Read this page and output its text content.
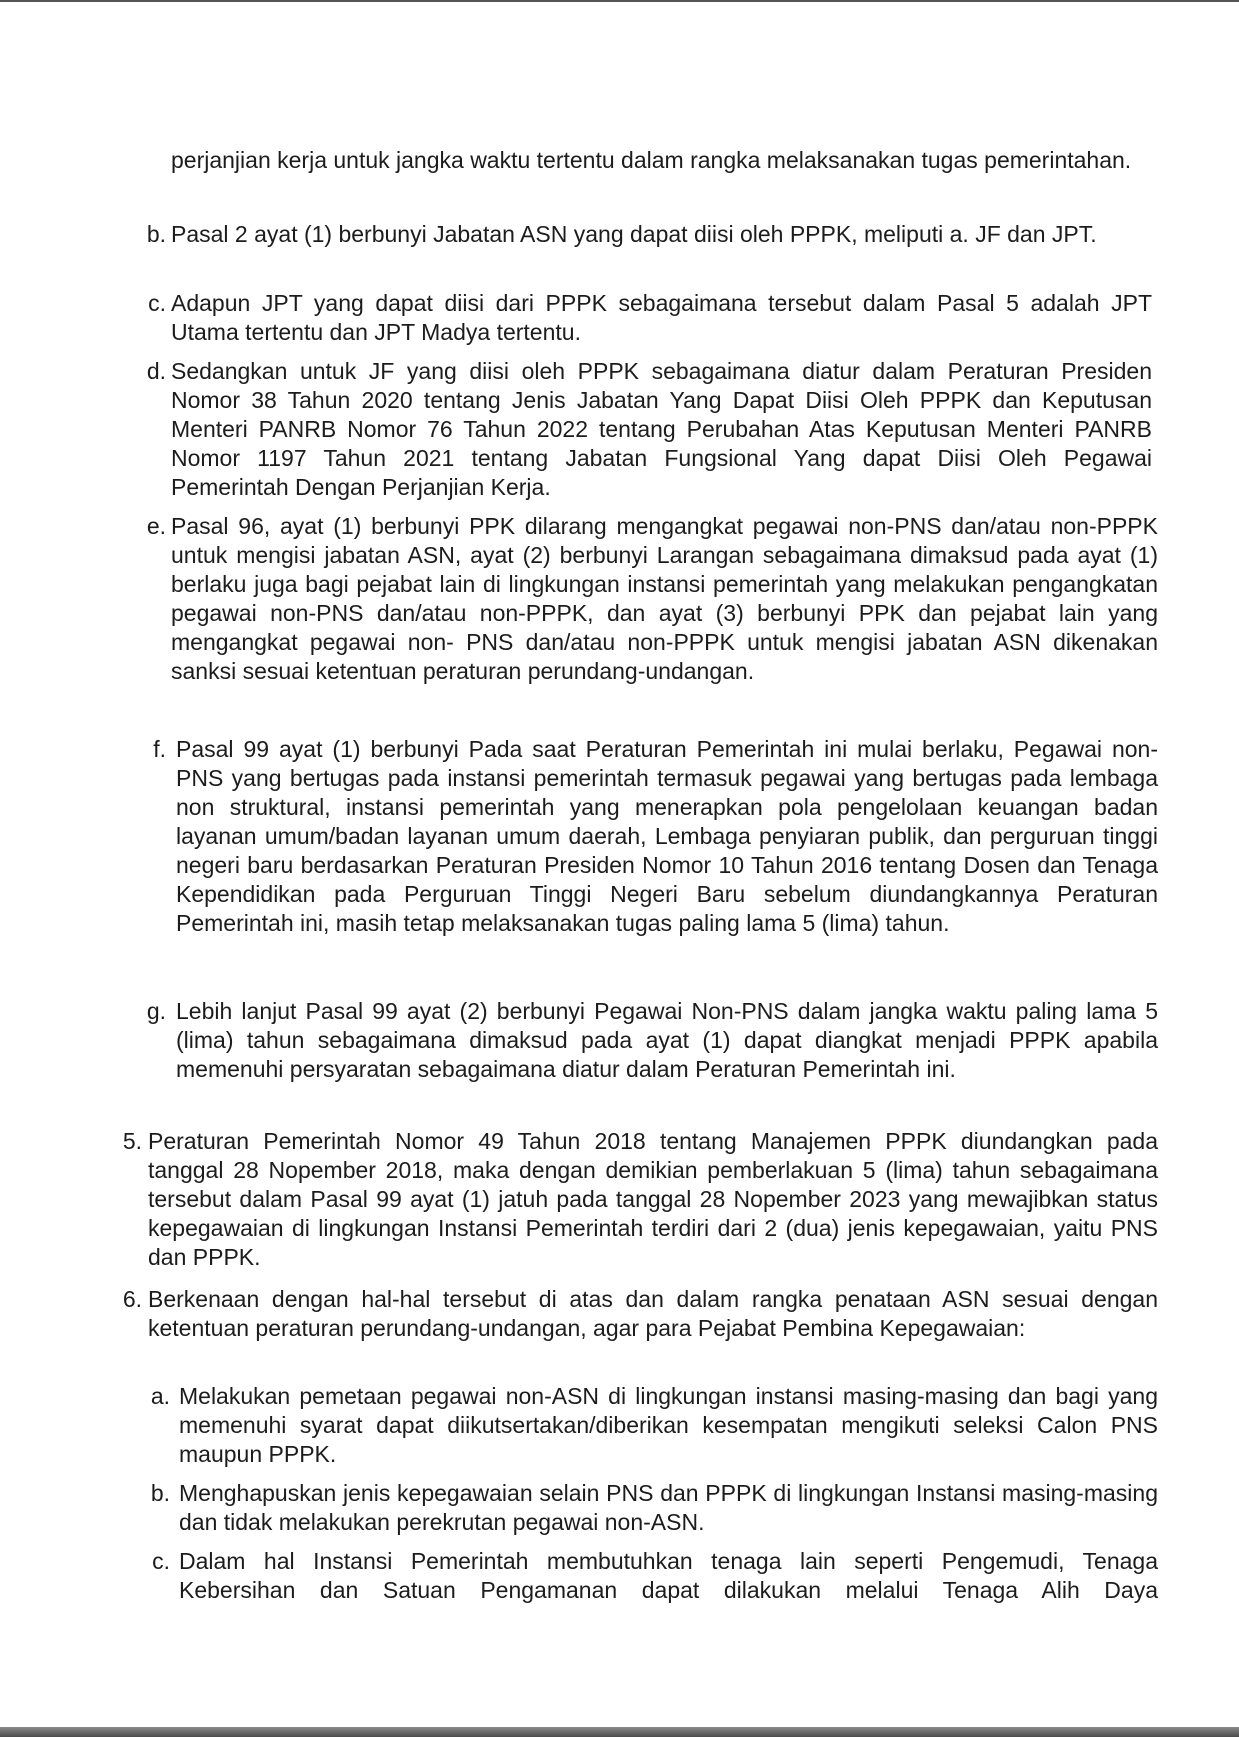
perjanjian kerja untuk jangka waktu tertentu dalam rangka melaksanakan tugas pemerintahan.
b. Pasal 2 ayat (1) berbunyi Jabatan ASN yang dapat diisi oleh PPPK, meliputi a. JF dan JPT.
c. Adapun JPT yang dapat diisi dari PPPK sebagaimana tersebut dalam Pasal 5 adalah JPT Utama tertentu dan JPT Madya tertentu.
d. Sedangkan untuk JF yang diisi oleh PPPK sebagaimana diatur dalam Peraturan Presiden Nomor 38 Tahun 2020 tentang Jenis Jabatan Yang Dapat Diisi Oleh PPPK dan Keputusan Menteri PANRB Nomor 76 Tahun 2022 tentang Perubahan Atas Keputusan Menteri PANRB Nomor 1197 Tahun 2021 tentang Jabatan Fungsional Yang dapat Diisi Oleh Pegawai Pemerintah Dengan Perjanjian Kerja.
e. Pasal 96, ayat (1) berbunyi PPK dilarang mengangkat pegawai non-PNS dan/atau non-PPPK untuk mengisi jabatan ASN, ayat (2) berbunyi Larangan sebagaimana dimaksud pada ayat (1) berlaku juga bagi pejabat lain di lingkungan instansi pemerintah yang melakukan pengangkatan pegawai non-PNS dan/atau non-PPPK, dan ayat (3) berbunyi PPK dan pejabat lain yang mengangkat pegawai non- PNS dan/atau non-PPPK untuk mengisi jabatan ASN dikenakan sanksi sesuai ketentuan peraturan perundang-undangan.
f. Pasal 99 ayat (1) berbunyi Pada saat Peraturan Pemerintah ini mulai berlaku, Pegawai non-PNS yang bertugas pada instansi pemerintah termasuk pegawai yang bertugas pada lembaga non struktural, instansi pemerintah yang menerapkan pola pengelolaan keuangan badan layanan umum/badan layanan umum daerah, Lembaga penyiaran publik, dan perguruan tinggi negeri baru berdasarkan Peraturan Presiden Nomor 10 Tahun 2016 tentang Dosen dan Tenaga Kependidikan pada Perguruan Tinggi Negeri Baru sebelum diundangkannya Peraturan Pemerintah ini, masih tetap melaksanakan tugas paling lama 5 (lima) tahun.
g. Lebih lanjut Pasal 99 ayat (2) berbunyi Pegawai Non-PNS dalam jangka waktu paling lama 5 (lima) tahun sebagaimana dimaksud pada ayat (1) dapat diangkat menjadi PPPK apabila memenuhi persyaratan sebagaimana diatur dalam Peraturan Pemerintah ini.
5. Peraturan Pemerintah Nomor 49 Tahun 2018 tentang Manajemen PPPK diundangkan pada tanggal 28 Nopember 2018, maka dengan demikian pemberlakuan 5 (lima) tahun sebagaimana tersebut dalam Pasal 99 ayat (1) jatuh pada tanggal 28 Nopember 2023 yang mewajibkan status kepegawaian di lingkungan Instansi Pemerintah terdiri dari 2 (dua) jenis kepegawaian, yaitu PNS dan PPPK.
6. Berkenaan dengan hal-hal tersebut di atas dan dalam rangka penataan ASN sesuai dengan ketentuan peraturan perundang-undangan, agar para Pejabat Pembina Kepegawaian:
a. Melakukan pemetaan pegawai non-ASN di lingkungan instansi masing-masing dan bagi yang memenuhi syarat dapat diikutsertakan/diberikan kesempatan mengikuti seleksi Calon PNS maupun PPPK.
b. Menghapuskan jenis kepegawaian selain PNS dan PPPK di lingkungan Instansi masing-masing dan tidak melakukan perekrutan pegawai non-ASN.
c. Dalam hal Instansi Pemerintah membutuhkan tenaga lain seperti Pengemudi, Tenaga Kebersihan dan Satuan Pengamanan dapat dilakukan melalui Tenaga Alih Daya
